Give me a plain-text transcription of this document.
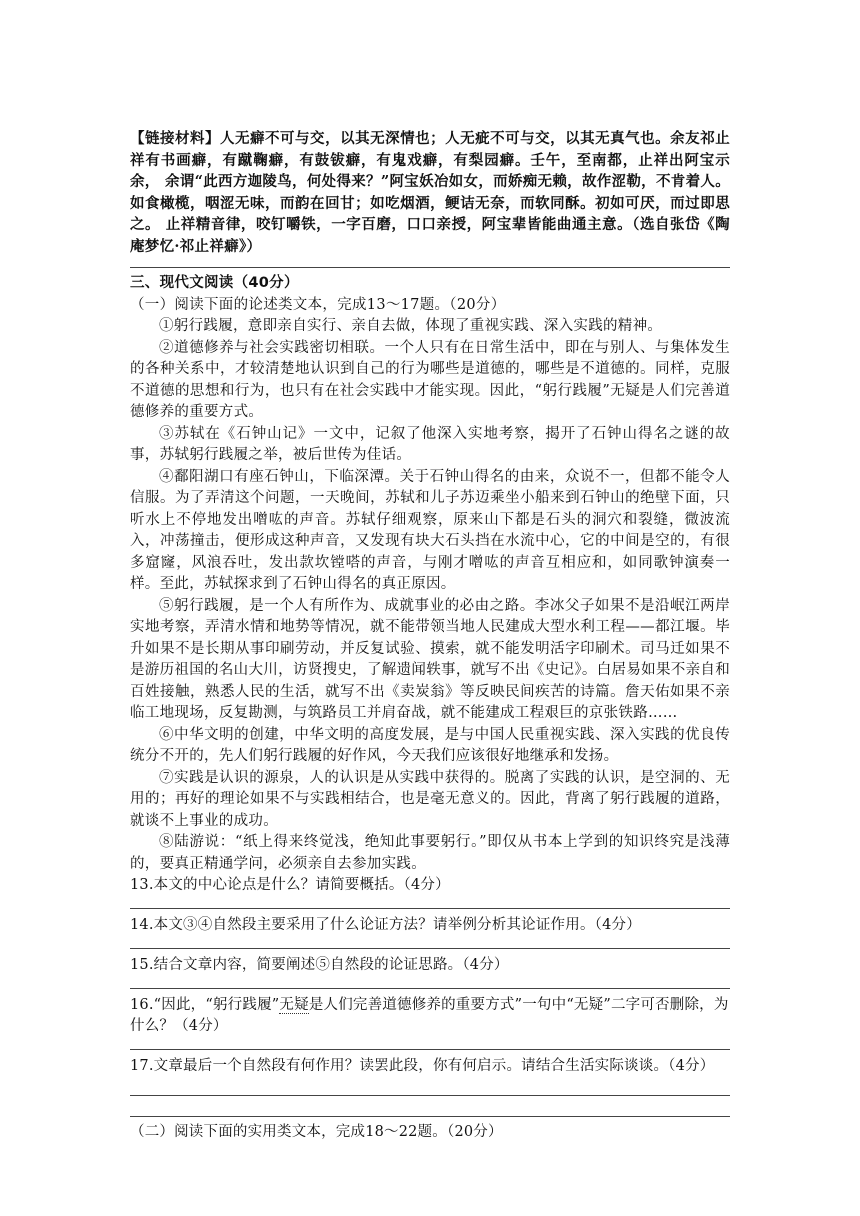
【链接材料】人无癖不可与交，以其无深情也；人无疵不可与交，以其无真气也。余友祁止祥有书画癖，有蹴鞠癖，有鼓钹癖，有鬼戏癖，有梨园癖。壬午，至南都，止祥出阿宝示余， 余谓“此西方迦陵鸟，何处得来？”阿宝妖冶如女，而娇痴无赖，故作涩勒，不肯着人。如食橄榄，咽涩无味，而韵在回甘；如吃烟酒，鲠诘无奈，而软同酥。初如可厌，而过即思之。 止祥精音律，咬钉嚼铁，一字百磨，口口亲授，阿宝辈皆能曲通主意。（选自张岱《陶庵梦忆·祁止祥癖》）

三、现代文阅读（40分）

（一）阅读下面的论述类文本，完成13～17题。（20分）

①躬行践履，意即亲自实行、亲自去做，体现了重视实践、深入实践的精神。

②道德修养与社会实践密切相联。一个人只有在日常生活中，即在与别人、与集体发生的各种关系中，才较清楚地认识到自己的行为哪些是道德的，哪些是不道德的。同样，克服不道德的思想和行为，也只有在社会实践中才能实现。因此，“躬行践履”无疑是人们完善道德修养的重要方式。

③苏轼在《石钟山记》一文中，记叙了他深入实地考察，揭开了石钟山得名之谜的故事，苏轼躬行践履之举，被后世传为佳话。

④鄱阳湖口有座石钟山，下临深潭。关于石钟山得名的由来，众说不一，但都不能令人信服。为了弄清这个问题，一天晚间，苏轼和儿子苏迈乘坐小船来到石钟山的绝壁下面，只听水上不停地发出噌吰的声音。苏轼仔细观察，原来山下都是石头的洞穴和裂缝，微波流入，冲荡撞击，便形成这种声音，又发现有块大石头挡在水流中心，它的中间是空的，有很多窟窿，风浪吞吐，发出款坎镗嗒的声音，与刚才噌吰的声音互相应和，如同歌钟演奏一样。至此，苏轼探求到了石钟山得名的真正原因。

⑤躬行践履，是一个人有所作为、成就事业的必由之路。李冰父子如果不是沿岷江两岸实地考察，弄清水情和地势等情况，就不能带领当地人民建成大型水利工程——都江堰。毕升如果不是长期从事印刷劳动，并反复试验、摸索，就不能发明活字印刷术。司马迁如果不是游历祖国的名山大川，访贤搜史，了解遗闻轶事，就写不出《史记》。白居易如果不亲自和百姓接触，熟悉人民的生活，就写不出《卖炭翁》等反映民间疾苦的诗篇。詹天佑如果不亲临工地现场，反复勘测，与筑路员工并肩奋战，就不能建成工程艰巨的京张铁路……

⑥中华文明的创建，中华文明的高度发展，是与中国人民重视实践、深入实践的优良传统分不开的，先人们躬行践履的好作风，今天我们应该很好地继承和发扬。

⑦实践是认识的源泉，人的认识是从实践中获得的。脱离了实践的认识，是空洞的、无用的；再好的理论如果不与实践相结合，也是毫无意义的。因此，背离了躬行践履的道路，就谈不上事业的成功。

⑧陆游说：“纸上得来终觉浅，绝知此事要躬行。”即仅从书本上学到的知识终究是浅薄的，要真正精通学问，必须亲自去参加实践。

13.本文的中心论点是什么？请简要概括。（4分）

14.本文③④自然段主要采用了什么论证方法？请举例分析其论证作用。（4分）

15.结合文章内容，简要阐述⑤自然段的论证思路。（4分）

16.“因此，“躬行践履”无疑是人们完善道德修养的重要方式”一句中“无疑”二字可否删除，为什么？（4分）

17.文章最后一个自然段有何作用？读罢此段，你有何启示。请结合生活实际谈谈。（4分）

（二）阅读下面的实用类文本，完成18～22题。（20分）
